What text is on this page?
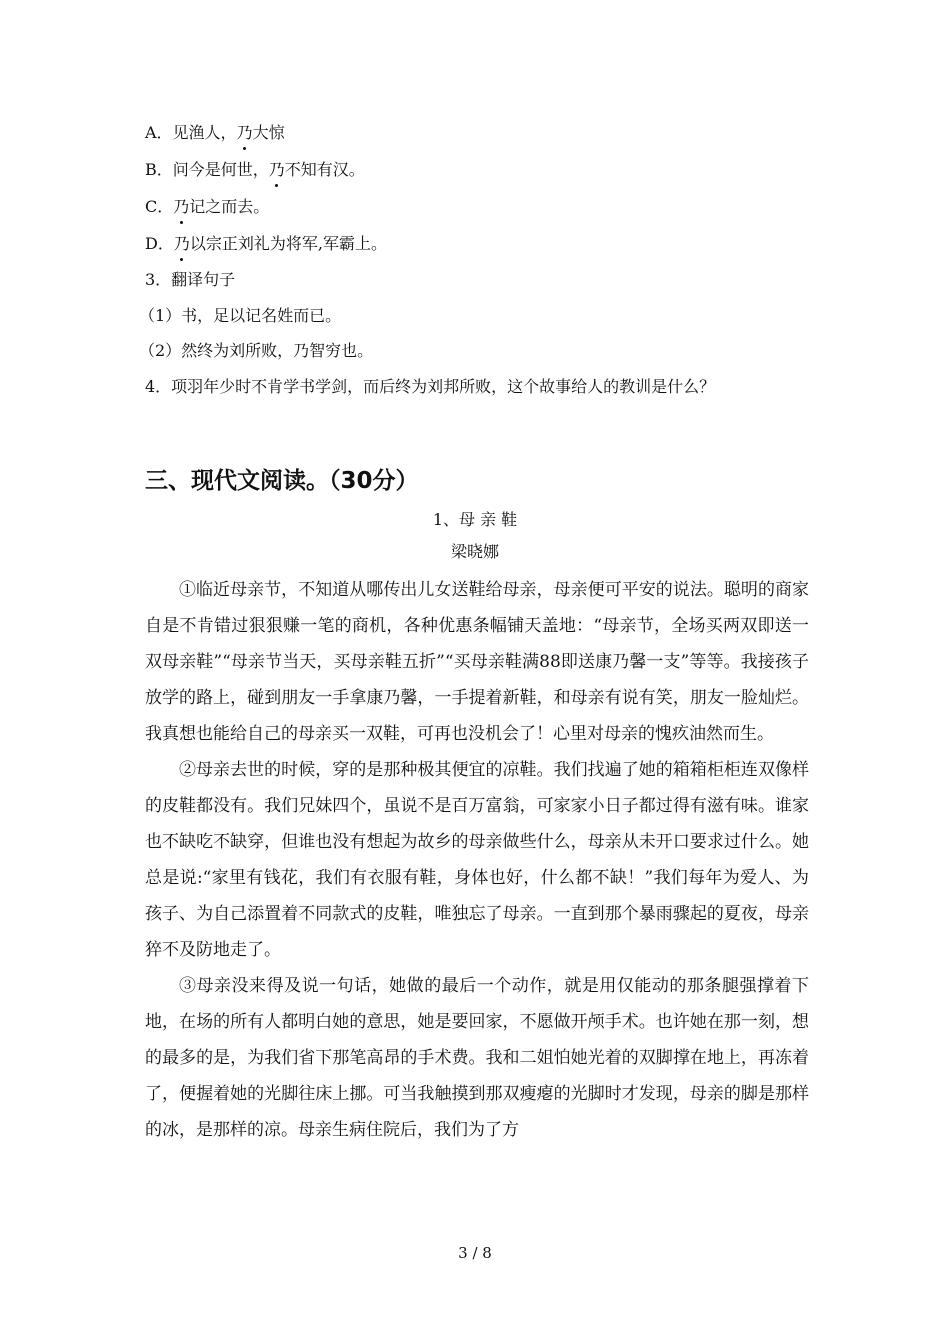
A．见渔人，乃大惊
B．问今是何世，乃不知有汉。
C．乃记之而去。
D．乃以宗正刘礼为将军,军霸上。
3．翻译句子
（1）书，足以记名姓而已。
（2）然终为刘所败，乃智穷也。
4．项羽年少时不肯学书学剑，而后终为刘邦所败，这个故事给人的教训是什么？
三、现代文阅读。（30分）
1、母 亲 鞋
梁晓娜

①临近母亲节，不知道从哪传出儿女送鞋给母亲，母亲便可平安的说法。聪明的商家自是不肯错过狠狠赚一笔的商机，各种优惠条幅铺天盖地：“母亲节，全场买两双即送一双母亲鞋”“母亲节当天，买母亲鞋五折”“买母亲鞋满88即送康乃馨一支”等等。我接孩子放学的路上，碰到朋友一手拿康乃馨，一手提着新鞋，和母亲有说有笑，朋友一脸灿烂。我真想也能给自己的母亲买一双鞋，可再也没机会了！心里对母亲的愧疚油然而生。

②母亲去世的时候，穿的是那种极其便宜的凉鞋。我们找遍了她的箱箱柜柜连双像样的皮鞋都没有。我们兄妹四个，虽说不是百万富翁，可家家小日子都过得有滋有味。谁家也不缺吃不缺穿，但谁也没有想起为故乡的母亲做些什么，母亲从未开口要求过什么。她总是说:“家里有钱花，我们有衣服有鞋，身体也好，什么都不缺！”我们每年为爱人、为孩子、为自己添置着不同款式的皮鞋，唯独忘了母亲。一直到那个暴雨骤起的夏夜，母亲猝不及防地走了。

③母亲没来得及说一句话，她做的最后一个动作，就是用仅能动的那条腿强撑着下地，在场的所有人都明白她的意思，她是要回家，不愿做开颅手术。也许她在那一刻，想的最多的是，为我们省下那笔高昂的手术费。我和二姐怕她光着的双脚撑在地上，再冻着了，便握着她的光脚往床上挪。可当我触摸到那双瘦瘪的光脚时才发现，母亲的脚是那样的冰，是那样的凉。母亲生病住院后，我们为了方

3 / 8
